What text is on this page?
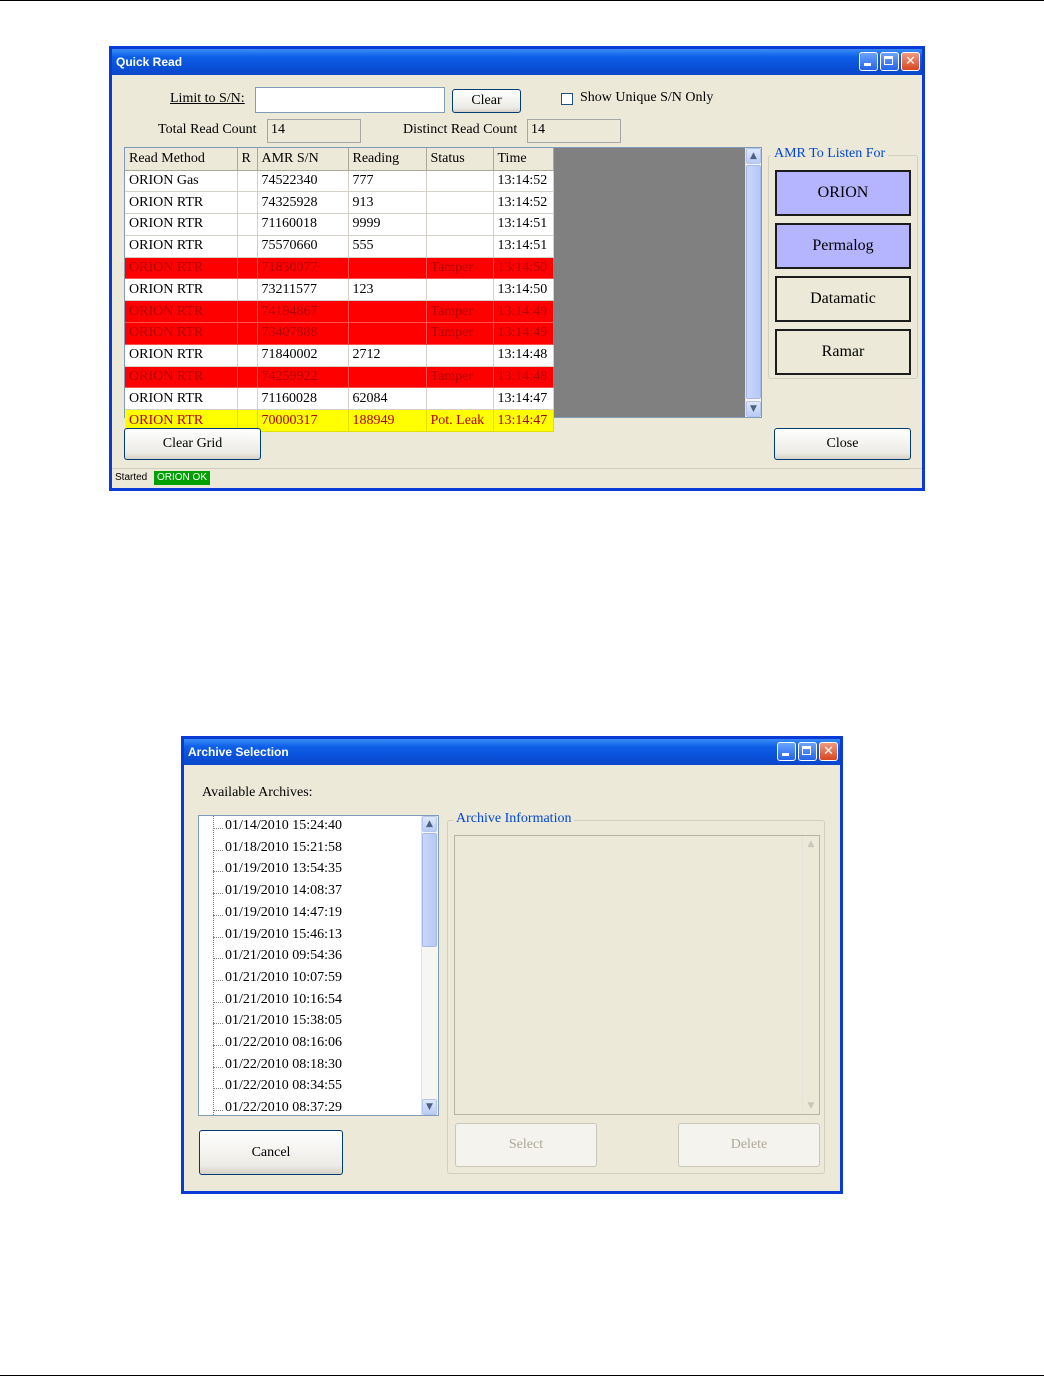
Quick Read	✕
Limit to S/N:	Clear	Show Unique S/N Only
Total Read Count 14	Distinct Read Count 14
Read Method	R	AMR S/N	Reading	Status	Time
ORION Gas		74522340	777		13:14:52
ORION RTR		74325928	913		13:14:52
ORION RTR		71160018	9999		13:14:51
ORION RTR		75570660	555		13:14:51
ORION RTR		71830077		Tamper	13:14:50
ORION RTR		73211577	123		13:14:50
ORION RTR		74194867		Tamper	13:14:49
ORION RTR		73407888		Tamper	13:14:49
ORION RTR		71840002	2712		13:14:48
ORION RTR		74259922		Tamper	13:14:48
ORION RTR		71160028	62084		13:14:47
ORION RTR		70000317	188949	Pot. Leak	13:14:47
▲
▼
AMR To Listen For
ORION
Permalog
Datamatic
Ramar
Clear Grid	Close
Started ORION OK
Archive Selection	✕
Available Archives:
01/14/2010 15:24:40
01/18/2010 15:21:58
01/19/2010 13:54:35
01/19/2010 14:08:37
01/19/2010 14:47:19
01/19/2010 15:46:13
01/21/2010 09:54:36
01/21/2010 10:07:59
01/21/2010 10:16:54
01/21/2010 15:38:05
01/22/2010 08:16:06
01/22/2010 08:18:30
01/22/2010 08:34:55
01/22/2010 08:37:29
▲
▼
Cancel
Archive Information
▲
▼
Select	Delete
